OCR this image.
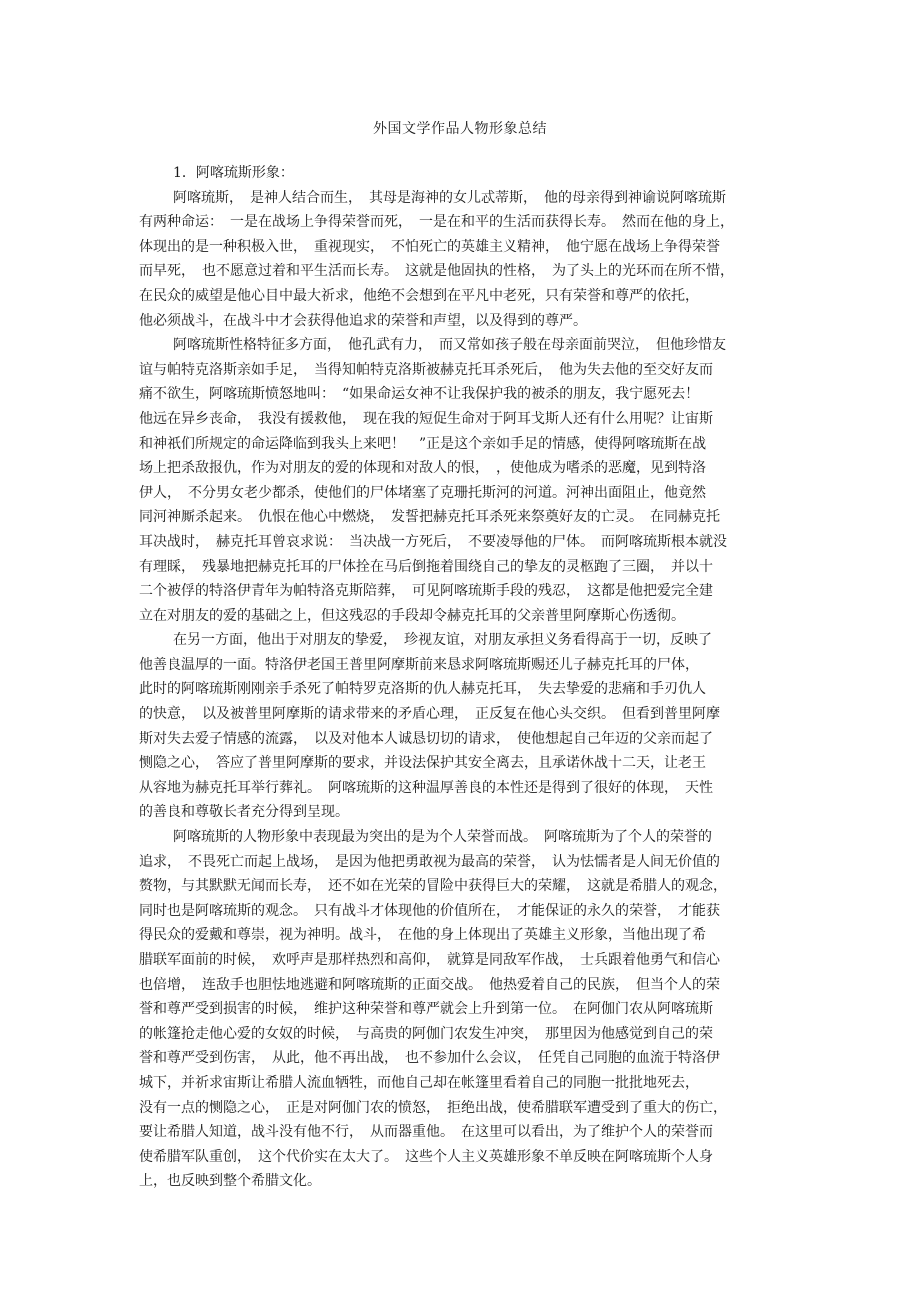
外国文学作品人物形象总结
1．阿喀琉斯形象：
阿喀琉斯，　是神人结合而生，　其母是海神的女儿忒蒂斯，　他的母亲得到神谕说阿喀琉斯
有两种命运：　一是在战场上争得荣誉而死，　一是在和平的生活而获得长寿。　然而在他的身上，
体现出的是一种积极入世，　重视现实，　不怕死亡的英雄主义精神，　他宁愿在战场上争得荣誉
而早死，　也不愿意过着和平生活而长寿。　这就是他固执的性格，　为了头上的光环而在所不惜，
在民众的威望是他心目中最大祈求，他绝不会想到在平凡中老死，只有荣誉和尊严的依托，
他必须战斗，在战斗中才会获得他追求的荣誉和声望，以及得到的尊严。
阿喀琉斯性格特征多方面，　他孔武有力，　而又常如孩子般在母亲面前哭泣，　但他珍惜友
谊与帕特克洛斯亲如手足，　当得知帕特克洛斯被赫克托耳杀死后，　他为失去他的至交好友而
痛不欲生，阿喀琉斯愤怒地叫：　“如果命运女神不让我保护我的被杀的朋友，我宁愿死去！
他远在异乡丧命，　我没有援救他，　现在我的短促生命对于阿耳戈斯人还有什么用呢？让宙斯
和神祇们所规定的命运降临到我头上来吧！　”正是这个亲如手足的情感，使得阿喀琉斯在战
场上把杀敌报仇，作为对朋友的爱的体现和对敌人的恨，　，使他成为嗜杀的恶魔，见到特洛
伊人，　不分男女老少都杀，使他们的尸体堵塞了克珊托斯河的河道。河神出面阻止，他竟然
同河神厮杀起来。　仇恨在他心中燃烧，　发誓把赫克托耳杀死来祭奠好友的亡灵。　在同赫克托
耳决战时，　赫克托耳曾哀求说：　当决战一方死后，　不要凌辱他的尸体。　而阿喀琉斯根本就没
有理睬，　残暴地把赫克托耳的尸体拴在马后倒拖着围绕自己的挚友的灵柩跑了三圈，　并以十
二个被俘的特洛伊青年为帕特洛克斯陪葬，　可见阿喀琉斯手段的残忍，　这都是他把爱完全建
立在对朋友的爱的基础之上，但这残忍的手段却令赫克托耳的父亲普里阿摩斯心伤透彻。
在另一方面，他出于对朋友的挚爱，　珍视友谊，对朋友承担义务看得高于一切，反映了
他善良温厚的一面。特洛伊老国王普里阿摩斯前来恳求阿喀琉斯赐还儿子赫克托耳的尸体，
此时的阿喀琉斯刚刚亲手杀死了帕特罗克洛斯的仇人赫克托耳，　失去挚爱的悲痛和手刃仇人
的快意，　以及被普里阿摩斯的请求带来的矛盾心理，　正反复在他心头交织。　但看到普里阿摩
斯对失去爱子情感的流露，　以及对他本人诚恳切切的请求，　使他想起自己年迈的父亲而起了
恻隐之心，　答应了普里阿摩斯的要求，并设法保护其安全离去，且承诺休战十二天，让老王
从容地为赫克托耳举行葬礼。　阿喀琉斯的这种温厚善良的本性还是得到了很好的体现，　天性
的善良和尊敬长者充分得到呈现。
阿喀琉斯的人物形象中表现最为突出的是为个人荣誉而战。　阿喀琉斯为了个人的荣誉的
追求，　不畏死亡而起上战场，　是因为他把勇敢视为最高的荣誉，　认为怯懦者是人间无价值的
赘物，与其默默无闻而长寿，　还不如在光荣的冒险中获得巨大的荣耀，　这就是希腊人的观念，
同时也是阿喀琉斯的观念。　只有战斗才体现他的价值所在，　才能保证的永久的荣誉，　才能获
得民众的爱戴和尊崇，视为神明。战斗，　在他的身上体现出了英雄主义形象，当他出现了希
腊联军面前的时候，　欢呼声是那样热烈和高仰，　就算是同敌军作战，　士兵跟着他勇气和信心
也倍增，　连敌手也胆怯地逃避和阿喀琉斯的正面交战。　他热爱着自己的民族，　但当个人的荣
誉和尊严受到损害的时候，　维护这种荣誉和尊严就会上升到第一位。　在阿伽门农从阿喀琉斯
的帐篷抢走他心爱的女奴的时候，　与高贵的阿伽门农发生冲突，　那里因为他感觉到自己的荣
誉和尊严受到伤害，　从此，他不再出战，　也不参加什么会议，　任凭自己同胞的血流于特洛伊
城下，并祈求宙斯让希腊人流血牺牲，而他自己却在帐篷里看着自己的同胞一批批地死去，
没有一点的恻隐之心，　正是对阿伽门农的愤怒，　拒绝出战，使希腊联军遭受到了重大的伤亡，
要让希腊人知道，战斗没有他不行，　从而器重他。　在这里可以看出，为了维护个人的荣誉而
使希腊军队重创，　这个代价实在太大了。　这些个人主义英雄形象不单反映在阿喀琉斯个人身
上，也反映到整个希腊文化。
